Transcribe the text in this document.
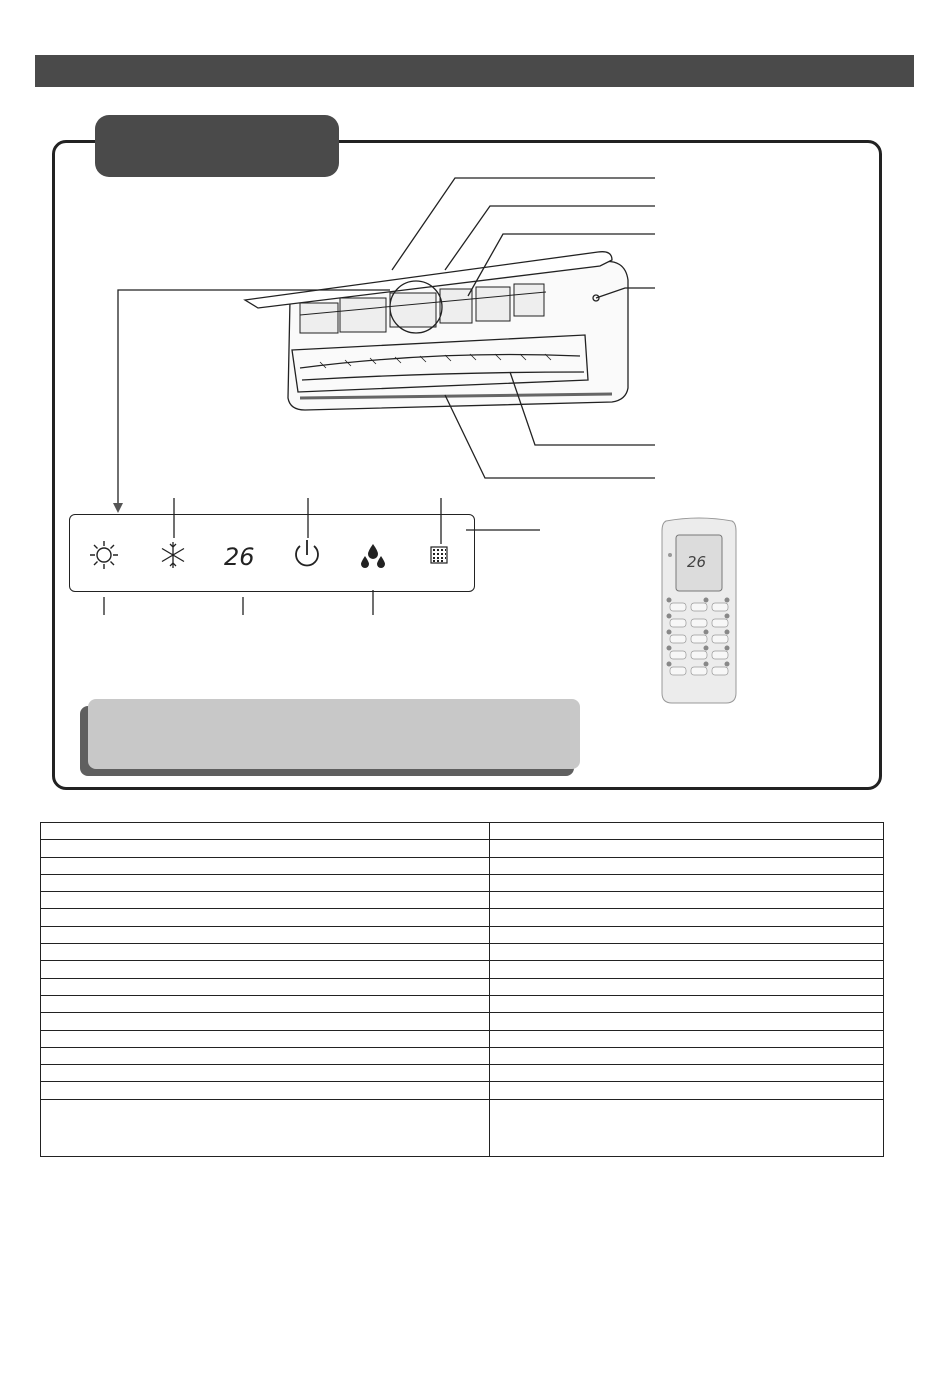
26	26
